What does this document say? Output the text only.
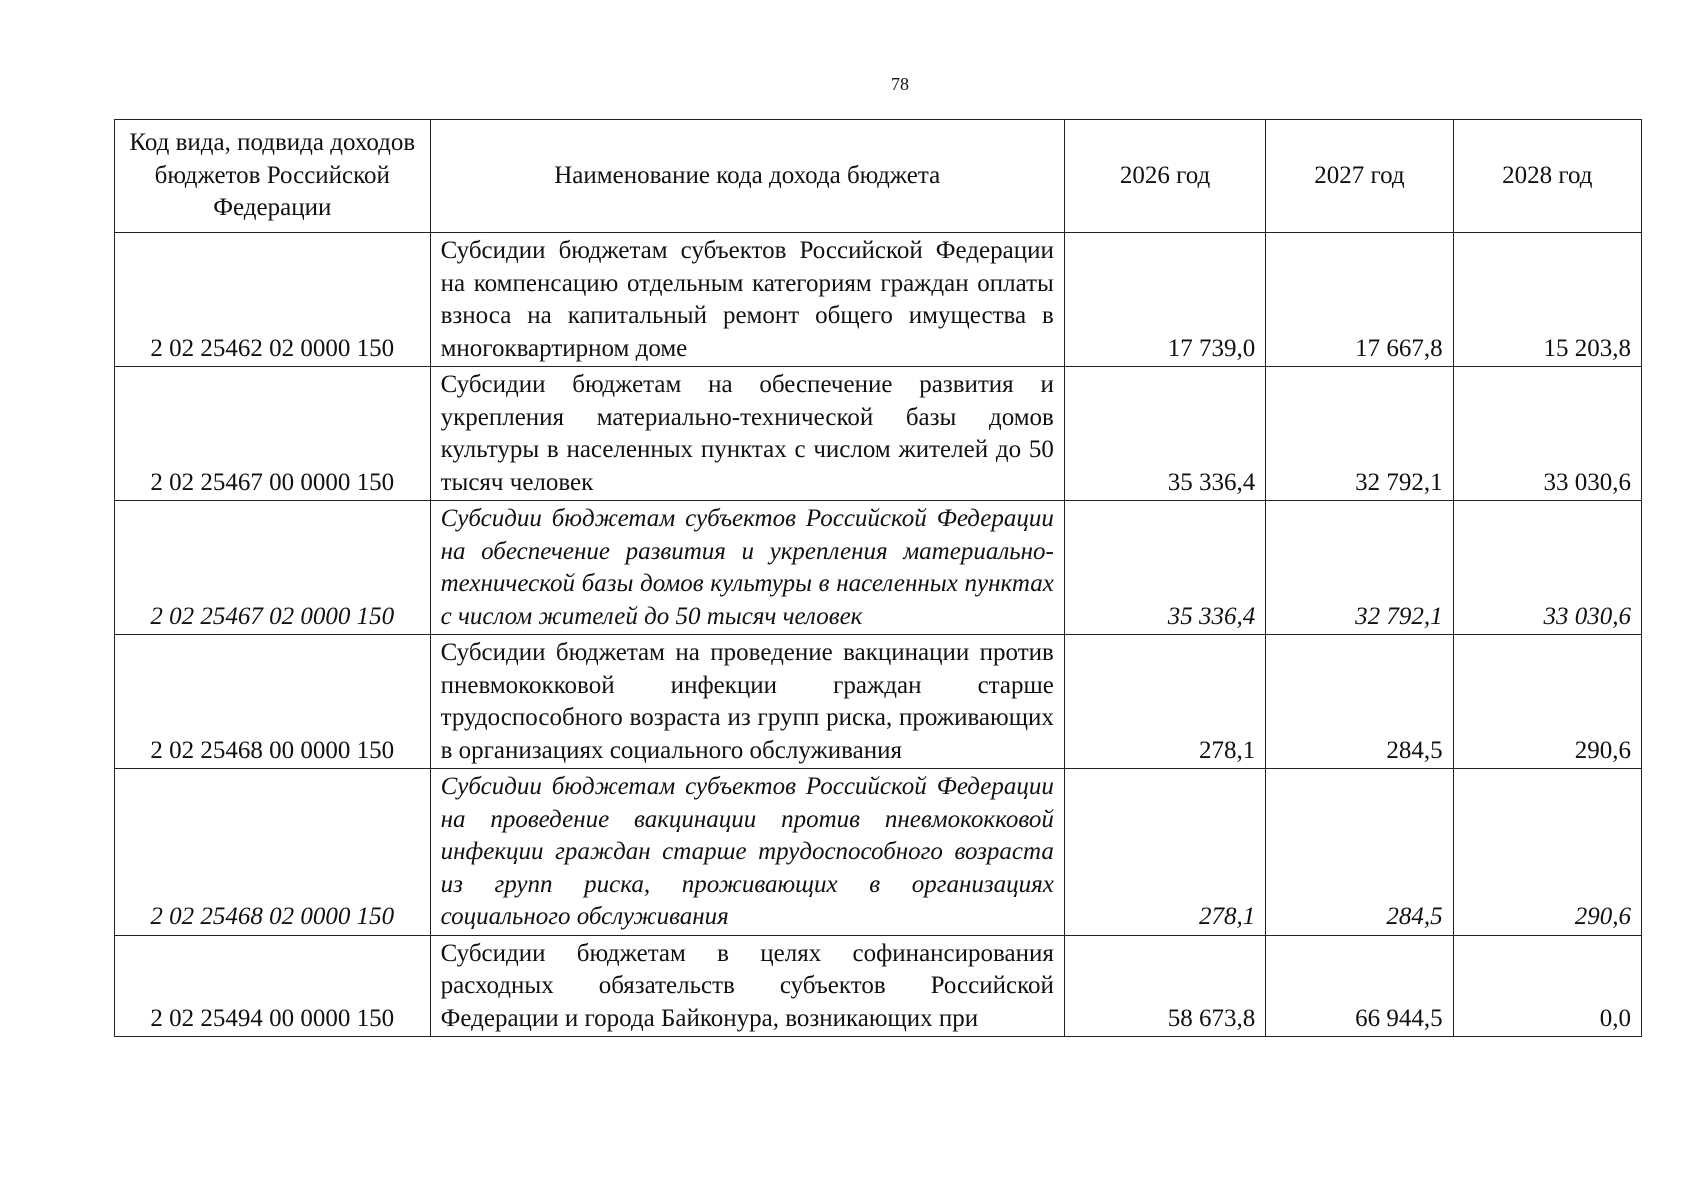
78
Код вида, подвида доходов бюджетов Российской Федерации	Наименование кода дохода бюджета	2026 год	2027 год	2028 год
2 02 25462 02 0000 150	Субсидии бюджетам субъектов Российской Федерации на компенсацию отдельным категориям граждан оплаты взноса на капитальный ремонт общего имущества в многоквартирном доме	17 739,0	17 667,8	15 203,8
2 02 25467 00 0000 150	Субсидии бюджетам на обеспечение развития и укрепления материально-технической базы домов культуры в населенных пунктах с числом жителей до 50 тысяч человек	35 336,4	32 792,1	33 030,6
2 02 25467 02 0000 150	Субсидии бюджетам субъектов Российской Федерации на обеспечение развития и укрепления материально-технической базы домов культуры в населенных пунктах с числом жителей до 50 тысяч человек	35 336,4	32 792,1	33 030,6
2 02 25468 00 0000 150	Субсидии бюджетам на проведение вакцинации против пневмококковой инфекции граждан старше трудоспособного возраста из групп риска, проживающих в организациях социального обслуживания	278,1	284,5	290,6
2 02 25468 02 0000 150	Субсидии бюджетам субъектов Российской Федерации на проведение вакцинации против пневмококковой инфекции граждан старше трудоспособного возраста из групп риска, проживающих в организациях социального обслуживания	278,1	284,5	290,6
2 02 25494 00 0000 150	Субсидии бюджетам в целях софинансирования расходных обязательств субъектов Российской Федерации и города Байконура, возникающих при	58 673,8	66 944,5	0,0
